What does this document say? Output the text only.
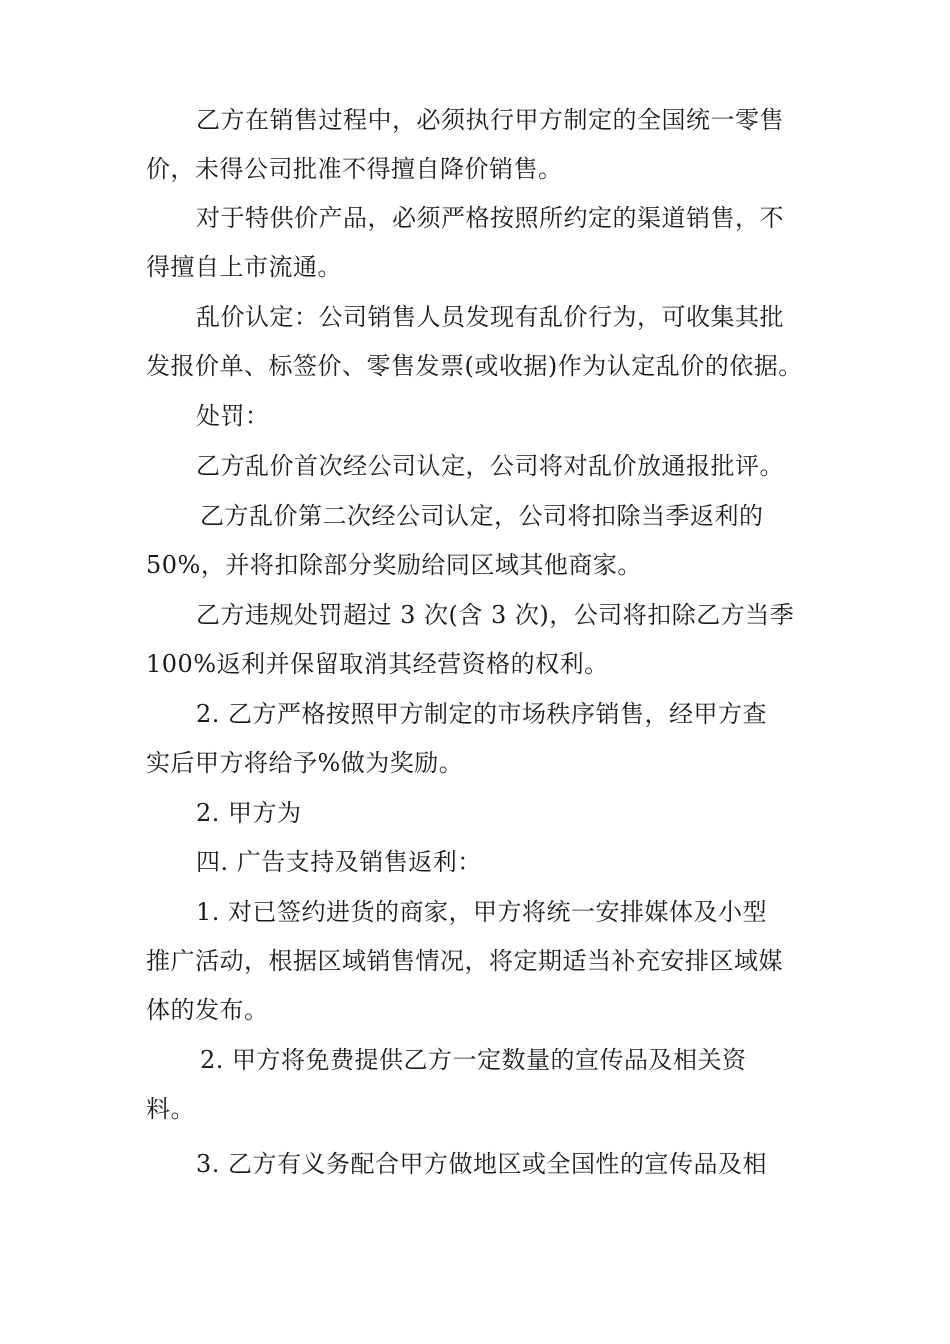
乙方在销售过程中，必须执行甲方制定的全国统一零售
价，未得公司批准不得擅自降价销售。
对于特供价产品，必须严格按照所约定的渠道销售，不
得擅自上市流通。
乱价认定：公司销售人员发现有乱价行为，可收集其批
发报价单、标签价、零售发票(或收据)作为认定乱价的依据。
处罚：
乙方乱价首次经公司认定，公司将对乱价放通报批评。
乙方乱价第二次经公司认定，公司将扣除当季返利的
50%，并将扣除部分奖励给同区域其他商家。
乙方违规处罚超过 3 次(含 3 次)，公司将扣除乙方当季
100%返利并保留取消其经营资格的权利。
2. 乙方严格按照甲方制定的市场秩序销售，经甲方查
实后甲方将给予%做为奖励。
2. 甲方为
四. 广告支持及销售返利：
1. 对已签约进货的商家，甲方将统一安排媒体及小型
推广活动，根据区域销售情况，将定期适当补充安排区域媒
体的发布。
2. 甲方将免费提供乙方一定数量的宣传品及相关资
料。
3. 乙方有义务配合甲方做地区或全国性的宣传品及相
